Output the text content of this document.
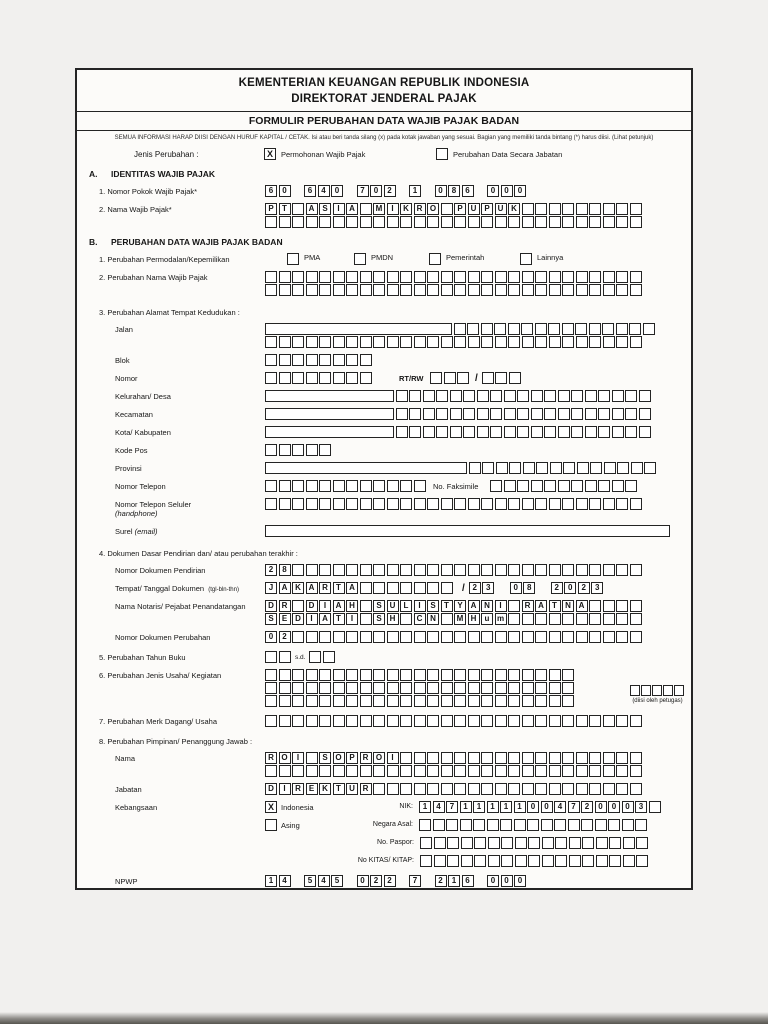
KEMENTERIAN KEUANGAN REPUBLIK INDONESIA
DIREKTORAT JENDERAL PAJAK
FORMULIR PERUBAHAN DATA WAJIB PAJAK BADAN
SEMUA INFORMASI HARAP DIISI DENGAN HURUF KAPITAL / CETAK. Isi atau beri tanda silang (x) pada kotak jawaban yang sesuai. Bagian yang memiliki tanda bintang (*) harus diisi. (Lihat petunjuk)
Jenis Perubahan :	X	Permohonan Wajib Pajak	Perubahan Data Secara Jabatan
A.	IDENTITAS WAJIB PAJAK
1. Nomor Pokok Wajib Pajak*	6	0	6	4	0	7	0	2	1	0	8	6	0	0	0
2. Nama Wajib Pajak*	P	T	A S	I	A	M	I	K R O	P U P U K
B.	PERUBAHAN DATA WAJIB PAJAK BADAN
1. Perubahan Permodalan/Kepemilikan	PMA	PMDN	Pemerintah	Lainnya
2. Perubahan Nama Wajib Pajak
3. Perubahan Alamat Tempat Kedudukan :
Jalan
Blok
Nomor	RT/RW	/
Kelurahan/ Desa
Kecamatan
Kota/ Kabupaten
Kode Pos
Provinsi
Nomor Telepon	No. Faksimile
Nomor Telepon Seluler
(handphone)
Surel (email)
4. Dokumen Dasar Pendirian dan/ atau perubahan terakhir :
Nomor Dokumen Pendirian	2	8
Tempat/ Tanggal Dokumen (tgl-bln-thn)	J	A K A R	T	A	/ 2	3	0	8	2	0	2	3
Nama Notaris/ Pejabat Penandatangan	D R	D	I	A H	S U	L	I	S	T	Y A N	I	R A	T	N A
S	E D	I	A	T	I	S H	C N	M H	u m
Nomor Dokumen Perubahan	0	2
5. Perubahan Tahun Buku	s.d.
6. Perubahan Jenis Usaha/ Kegiatan
(diisi oleh petugas)
7. Perubahan Merk Dagang/ Usaha
8. Perubahan Pimpinan/ Penanggung Jawab :
Nama	R O	I	S O P R O	I
Jabatan	D	I	R E K	T	U R
Kebangsaan	X Indonesia	NIK:	1	4	7	1	1	1	1	1	0	0	4	7	2	0	0	0	3
Asing	Negara Asal:
No. Paspor:
No KITAS/ KITAP:
NPWP	1	4	5	4	5	0	2	2	7	2	1	6	0	0	0
